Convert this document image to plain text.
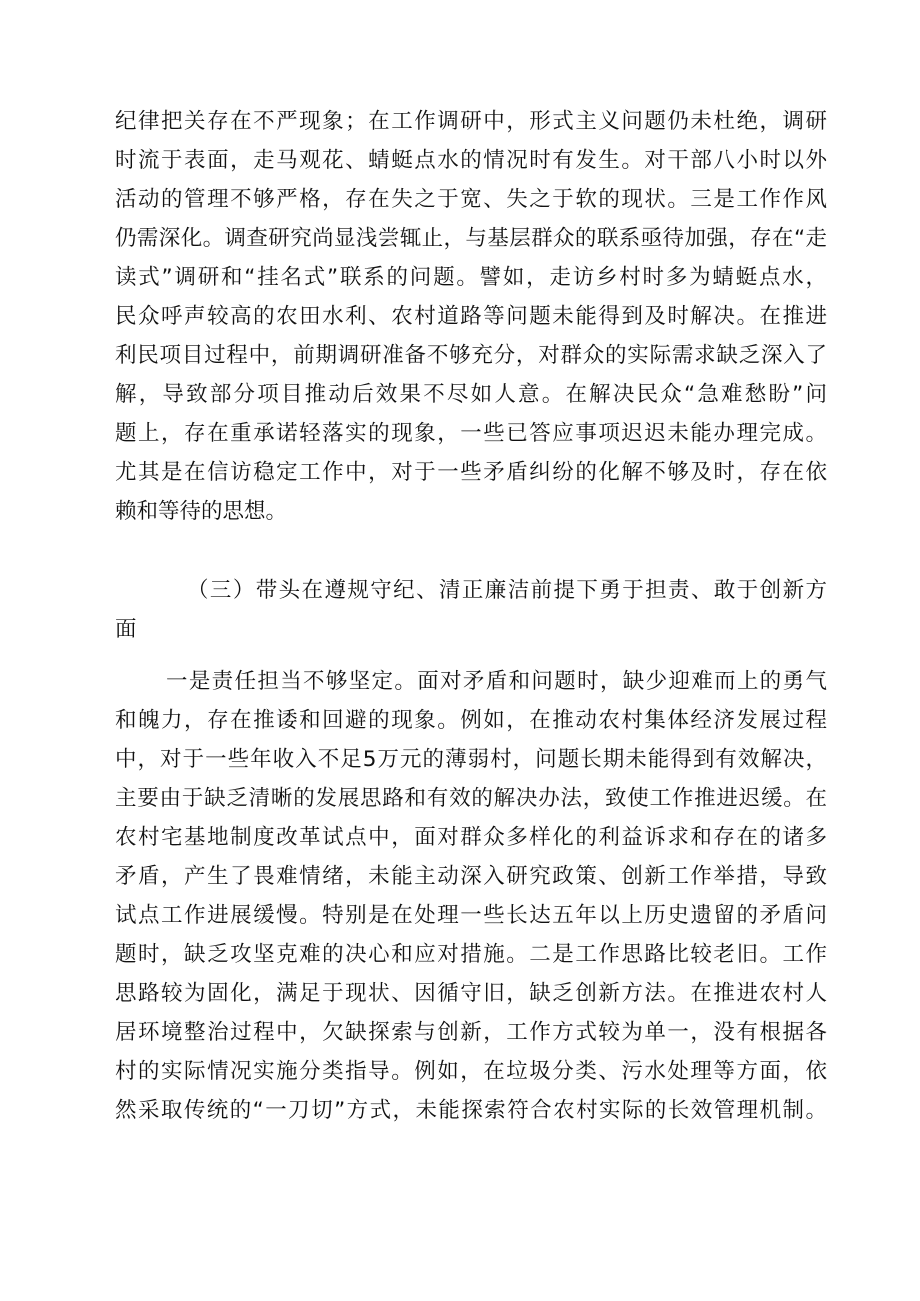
纪律把关存在不严现象；在工作调研中，形式主义问题仍未杜绝，调研
时流于表面，走马观花、蜻蜓点水的情况时有发生。对干部八小时以外
活动的管理不够严格，存在失之于宽、失之于软的现状。三是工作作风
仍需深化。调查研究尚显浅尝辄止，与基层群众的联系亟待加强，存在“走
读式”调研和“挂名式”联系的问题。譬如，走访乡村时多为蜻蜓点水，
民众呼声较高的农田水利、农村道路等问题未能得到及时解决。在推进
利民项目过程中，前期调研准备不够充分，对群众的实际需求缺乏深入了
解，导致部分项目推动后效果不尽如人意。在解决民众“急难愁盼”问
题上，存在重承诺轻落实的现象，一些已答应事项迟迟未能办理完成。
尤其是在信访稳定工作中，对于一些矛盾纠纷的化解不够及时，存在依
赖和等待的思想。
（三）带头在遵规守纪、清正廉洁前提下勇于担责、敢于创新方
面
一是责任担当不够坚定。面对矛盾和问题时，缺少迎难而上的勇气
和魄力，存在推诿和回避的现象。例如，在推动农村集体经济发展过程
中，对于一些年收入不足5万元的薄弱村，问题长期未能得到有效解决，
主要由于缺乏清晰的发展思路和有效的解决办法，致使工作推进迟缓。在
农村宅基地制度改革试点中，面对群众多样化的利益诉求和存在的诸多
矛盾，产生了畏难情绪，未能主动深入研究政策、创新工作举措，导致
试点工作进展缓慢。特别是在处理一些长达五年以上历史遗留的矛盾问
题时，缺乏攻坚克难的决心和应对措施。二是工作思路比较老旧。工作
思路较为固化，满足于现状、因循守旧，缺乏创新方法。在推进农村人
居环境整治过程中，欠缺探索与创新，工作方式较为单一，没有根据各
村的实际情况实施分类指导。例如，在垃圾分类、污水处理等方面，依
然采取传统的“一刀切”方式，未能探索符合农村实际的长效管理机制。
